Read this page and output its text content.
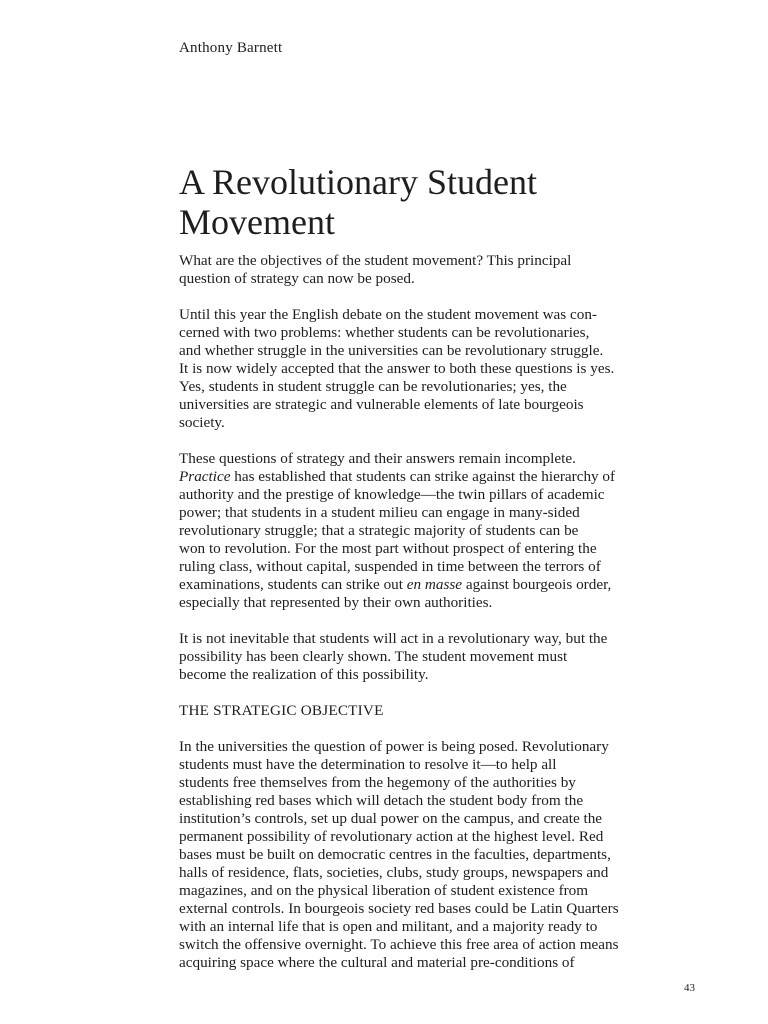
Anthony Barnett
A Revolutionary Student Movement
What are the objectives of the student movement? This principal
question of strategy can now be posed.
Until this year the English debate on the student movement was con-
cerned with two problems: whether students can be revolutionaries,
and whether struggle in the universities can be revolutionary struggle.
It is now widely accepted that the answer to both these questions is yes.
Yes, students in student struggle can be revolutionaries; yes, the
universities are strategic and vulnerable elements of late bourgeois
society.
These questions of strategy and their answers remain incomplete.
Practice has established that students can strike against the hierarchy of
authority and the prestige of knowledge—the twin pillars of academic
power; that students in a student milieu can engage in many-sided
revolutionary struggle; that a strategic majority of students can be
won to revolution. For the most part without prospect of entering the
ruling class, without capital, suspended in time between the terrors of
examinations, students can strike out en masse against bourgeois order,
especially that represented by their own authorities.
It is not inevitable that students will act in a revolutionary way, but the
possibility has been clearly shown. The student movement must
become the realization of this possibility.
THE STRATEGIC OBJECTIVE
In the universities the question of power is being posed. Revolutionary
students must have the determination to resolve it—to help all
students free themselves from the hegemony of the authorities by
establishing red bases which will detach the student body from the
institution’s controls, set up dual power on the campus, and create the
permanent possibility of revolutionary action at the highest level. Red
bases must be built on democratic centres in the faculties, departments,
halls of residence, flats, societies, clubs, study groups, newspapers and
magazines, and on the physical liberation of student existence from
external controls. In bourgeois society red bases could be Latin Quarters
with an internal life that is open and militant, and a majority ready to
switch the offensive overnight. To achieve this free area of action means
acquiring space where the cultural and material pre-conditions of
43
